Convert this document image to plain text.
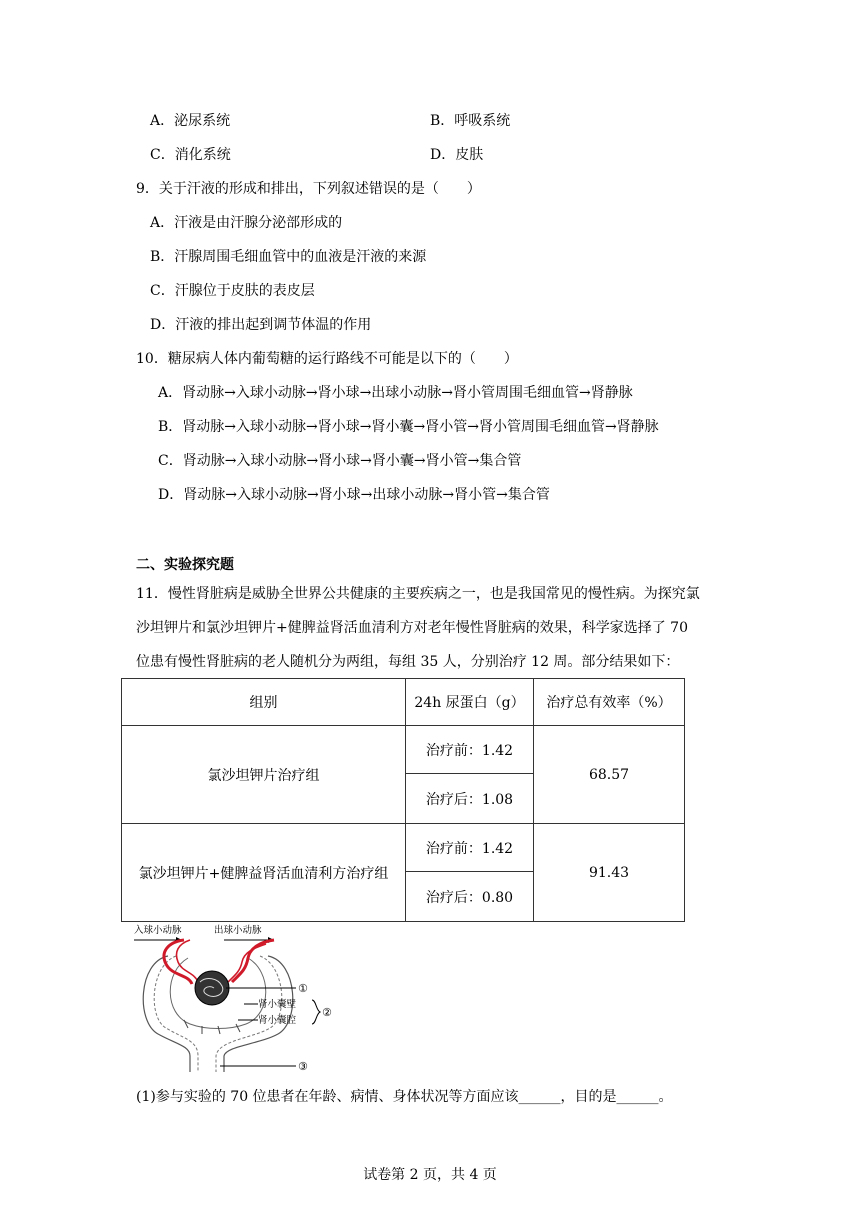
A．泌尿系统	B．呼吸系统
C．消化系统	D．皮肤
9．关于汗液的形成和排出，下列叙述错误的是（　　）
A．汗液是由汗腺分泌部形成的
B．汗腺周围毛细血管中的血液是汗液的来源
C．汗腺位于皮肤的表皮层
D．汗液的排出起到调节体温的作用
10．糖尿病人体内葡萄糖的运行路线不可能是以下的（　　）
A．肾动脉→入球小动脉→肾小球→出球小动脉→肾小管周围毛细血管→肾静脉
B．肾动脉→入球小动脉→肾小球→肾小囊→肾小管→肾小管周围毛细血管→肾静脉
C．肾动脉→入球小动脉→肾小球→肾小囊→肾小管→集合管
D．肾动脉→入球小动脉→肾小球→出球小动脉→肾小管→集合管
二、实验探究题
11．慢性肾脏病是威胁全世界公共健康的主要疾病之一，也是我国常见的慢性病。为探究氯
沙坦钾片和氯沙坦钾片+健脾益肾活血清利方对老年慢性肾脏病的效果，科学家选择了 70
位患有慢性肾脏病的老人随机分为两组，每组 35 人，分别治疗 12 周。部分结果如下：
组别	24h 尿蛋白（g）	治疗总有效率（%）
氯沙坦钾片治疗组	治疗前：1.42	68.57
	治疗后：1.08	
氯沙坦钾片+健脾益肾活血清利方治疗组	治疗前：1.42	91.43
	治疗后：0.80	
入球小动脉	出球小动脉
①
肾小囊壁
肾小囊腔
②
③
(1)参与实验的 70 位患者在年龄、病情、身体状况等方面应该______，目的是______。
试卷第 2 页，共 4 页
